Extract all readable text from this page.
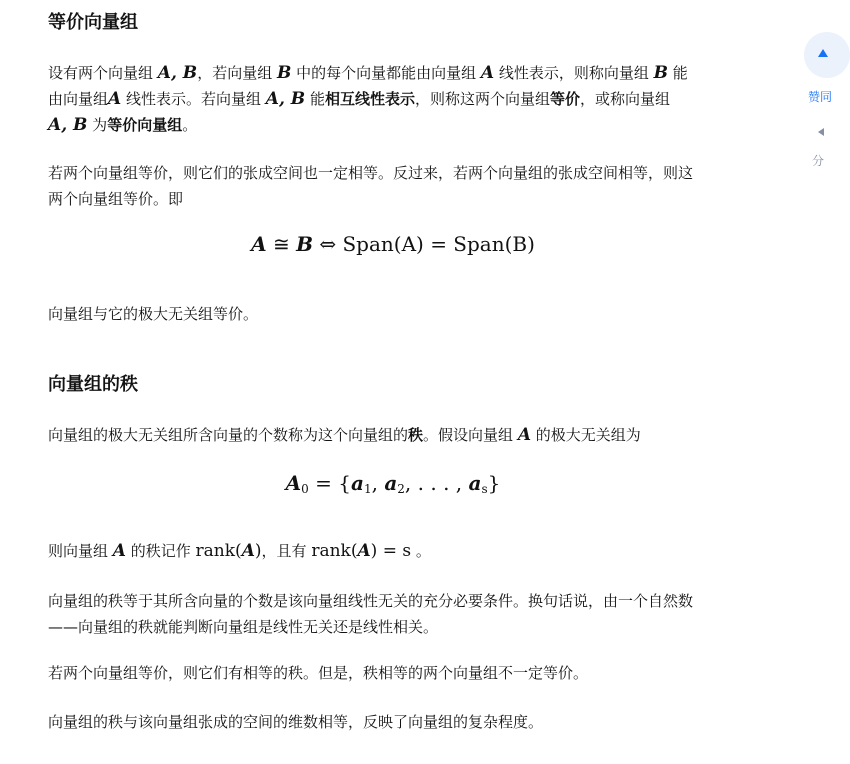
等价向量组

设有两个向量组 A, B，若向量组 B 中的每个向量都能由向量组 A 线性表示，则称向量组 B 能
由向量组A 线性表示。若向量组 A, B 能相互线性表示，则称这两个向量组等价，或称向量组
A, B 为等价向量组。

若两个向量组等价，则它们的张成空间也一定相等。反过来，若两个向量组的张成空间相等，则这
两个向量组等价。即

A ≅ B ⇔ Span(A) = Span(B)

向量组与它的极大无关组等价。

向量组的秩

向量组的极大无关组所含向量的个数称为这个向量组的秩。假设向量组 A 的极大无关组为

$A_0 = \{a_1$, $a_2$, . . . , $a_s$}

则向量组 A 的秩记作 rank(A)，且有 rank(A) = s 。

向量组的秩等于其所含向量的个数是该向量组线性无关的充分必要条件。换句话说，由一个自然数
——向量组的秩就能判断向量组是线性无关还是线性相关。

若两个向量组等价，则它们有相等的秩。但是，秩相等的两个向量组不一定等价。

向量组的秩与该向量组张成的空间的维数相等，反映了向量组的复杂程度。

赞同
分
